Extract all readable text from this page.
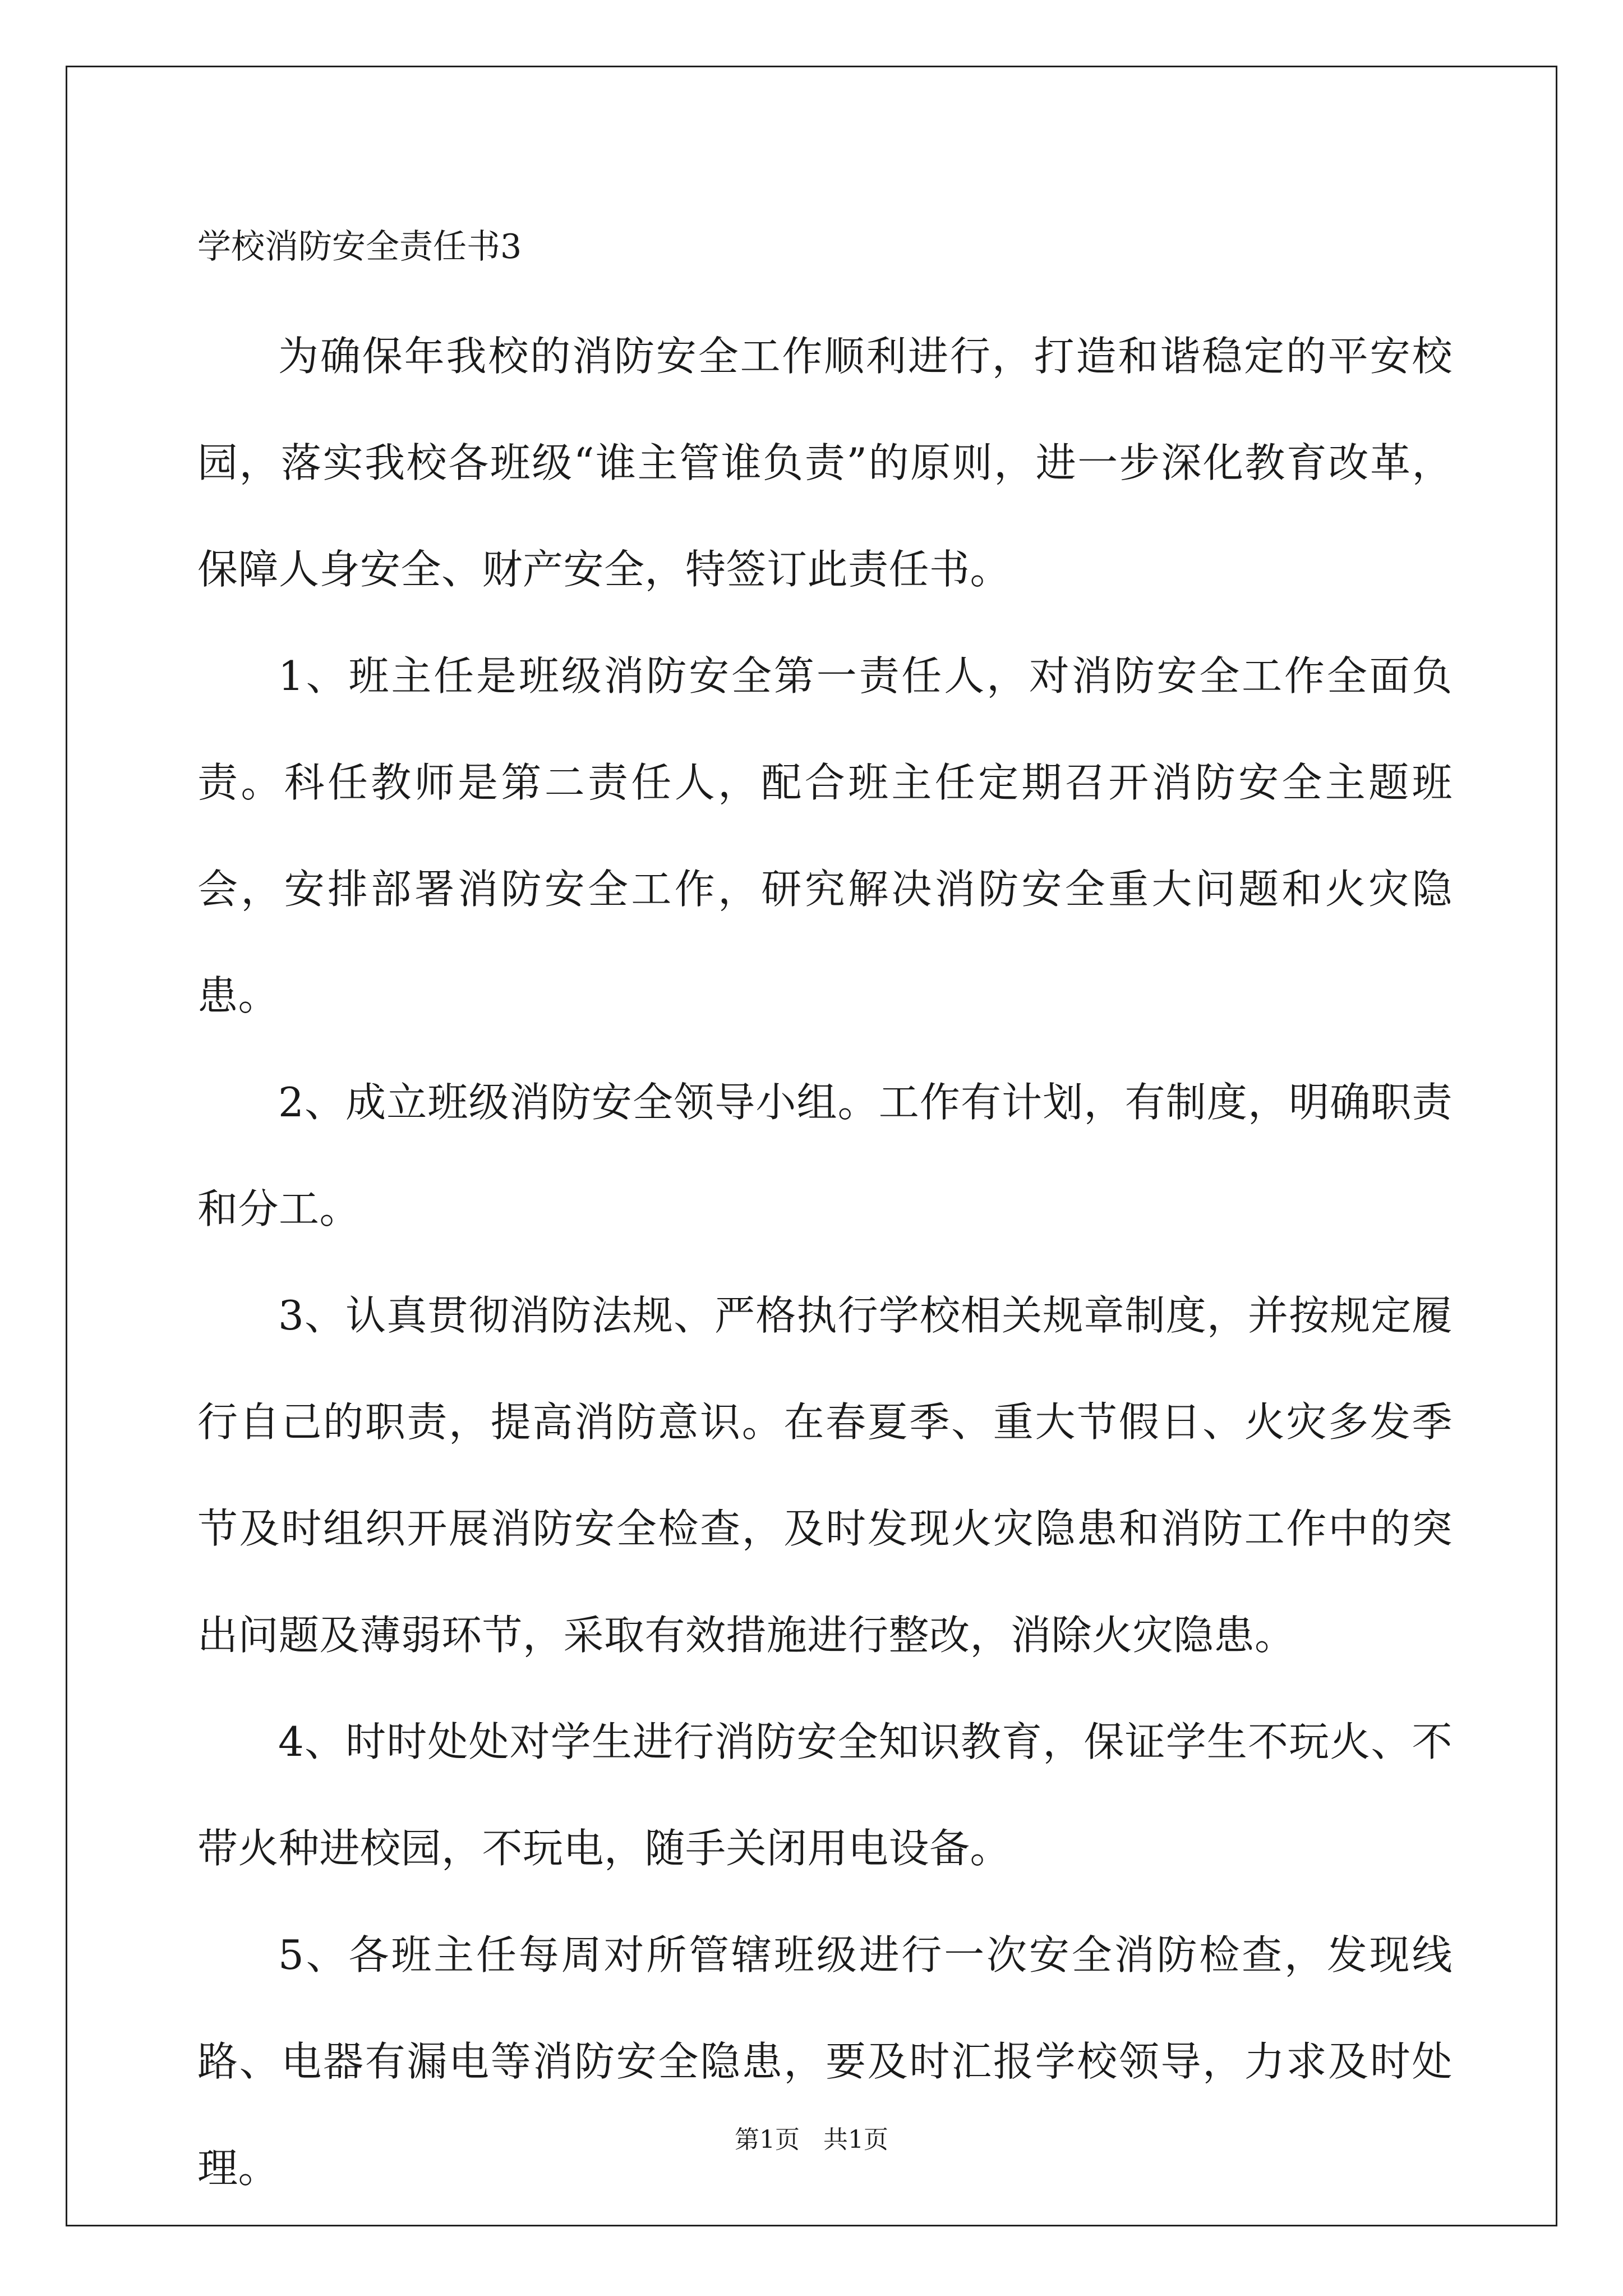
学校消防安全责任书3

为确保年我校的消防安全工作顺利进行，打造和谐稳定的平安校园，落实我校各班级“谁主管谁负责”的原则，进一步深化教育改革，保障人身安全、财产安全，特签订此责任书。

1、班主任是班级消防安全第一责任人，对消防安全工作全面负责。科任教师是第二责任人，配合班主任定期召开消防安全主题班会，安排部署消防安全工作，研究解决消防安全重大问题和火灾隐患。

2、成立班级消防安全领导小组。工作有计划，有制度，明确职责和分工。

3、认真贯彻消防法规、严格执行学校相关规章制度，并按规定履行自己的职责，提高消防意识。在春夏季、重大节假日、火灾多发季节及时组织开展消防安全检查，及时发现火灾隐患和消防工作中的突出问题及薄弱环节，采取有效措施进行整改，消除火灾隐患。

4、时时处处对学生进行消防安全知识教育，保证学生不玩火、不带火种进校园，不玩电，随手关闭用电设备。

5、各班主任每周对所管辖班级进行一次安全消防检查，发现线路、电器有漏电等消防安全隐患，要及时汇报学校领导，力求及时处理。

第1页   共1页
